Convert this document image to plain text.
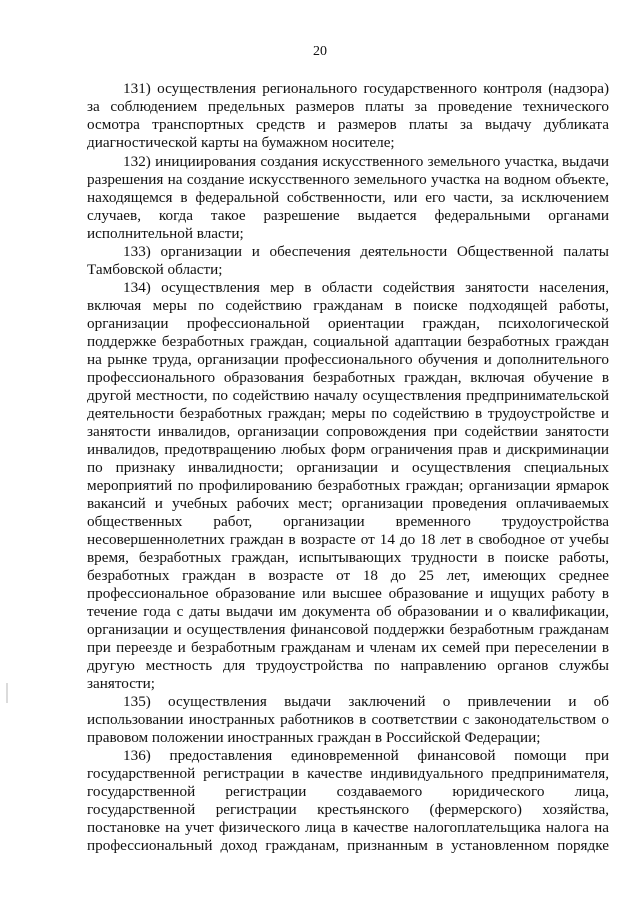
20
131) осуществления регионального государственного контроля (надзора)
за соблюдением предельных размеров платы за проведение технического
осмотра транспортных средств и размеров платы за выдачу дубликата
диагностической карты на бумажном носителе;
132) инициирования создания искусственного земельного участка, выдачи
разрешения на создание искусственного земельного участка на водном объекте,
находящемся в федеральной собственности, или его части, за исключением
случаев, когда такое разрешение выдается федеральными органами
исполнительной власти;
133) организации и обеспечения деятельности Общественной палаты
Тамбовской области;
134) осуществления мер в области содействия занятости населения,
включая меры по содействию гражданам в поиске подходящей работы,
организации профессиональной ориентации граждан, психологической
поддержке безработных граждан, социальной адаптации безработных граждан
на рынке труда, организации профессионального обучения и дополнительного
профессионального образования безработных граждан, включая обучение в
другой местности, по содействию началу осуществления предпринимательской
деятельности безработных граждан; меры по содействию в трудоустройстве и
занятости инвалидов, организации сопровождения при содействии занятости
инвалидов, предотвращению любых форм ограничения прав и дискриминации
по признаку инвалидности; организации и осуществления специальных
мероприятий по профилированию безработных граждан; организации ярмарок
вакансий и учебных рабочих мест; организации проведения оплачиваемых
общественных работ, организации временного трудоустройства
несовершеннолетних граждан в возрасте от 14 до 18 лет в свободное от учебы
время, безработных граждан, испытывающих трудности в поиске работы,
безработных граждан в возрасте от 18 до 25 лет, имеющих среднее
профессиональное образование или высшее образование и ищущих работу в
течение года с даты выдачи им документа об образовании и о квалификации,
организации и осуществления финансовой поддержки безработным гражданам
при переезде и безработным гражданам и членам их семей при переселении в
другую местность для трудоустройства по направлению органов службы
занятости;
135) осуществления выдачи заключений о привлечении и об
использовании иностранных работников в соответствии с законодательством о
правовом положении иностранных граждан в Российской Федерации;
136) предоставления единовременной финансовой помощи при
государственной регистрации в качестве индивидуального предпринимателя,
государственной регистрации создаваемого юридического лица,
государственной регистрации крестьянского (фермерского) хозяйства,
постановке на учет физического лица в качестве налогоплательщика налога на
профессиональный доход гражданам, признанным в установленном порядке
